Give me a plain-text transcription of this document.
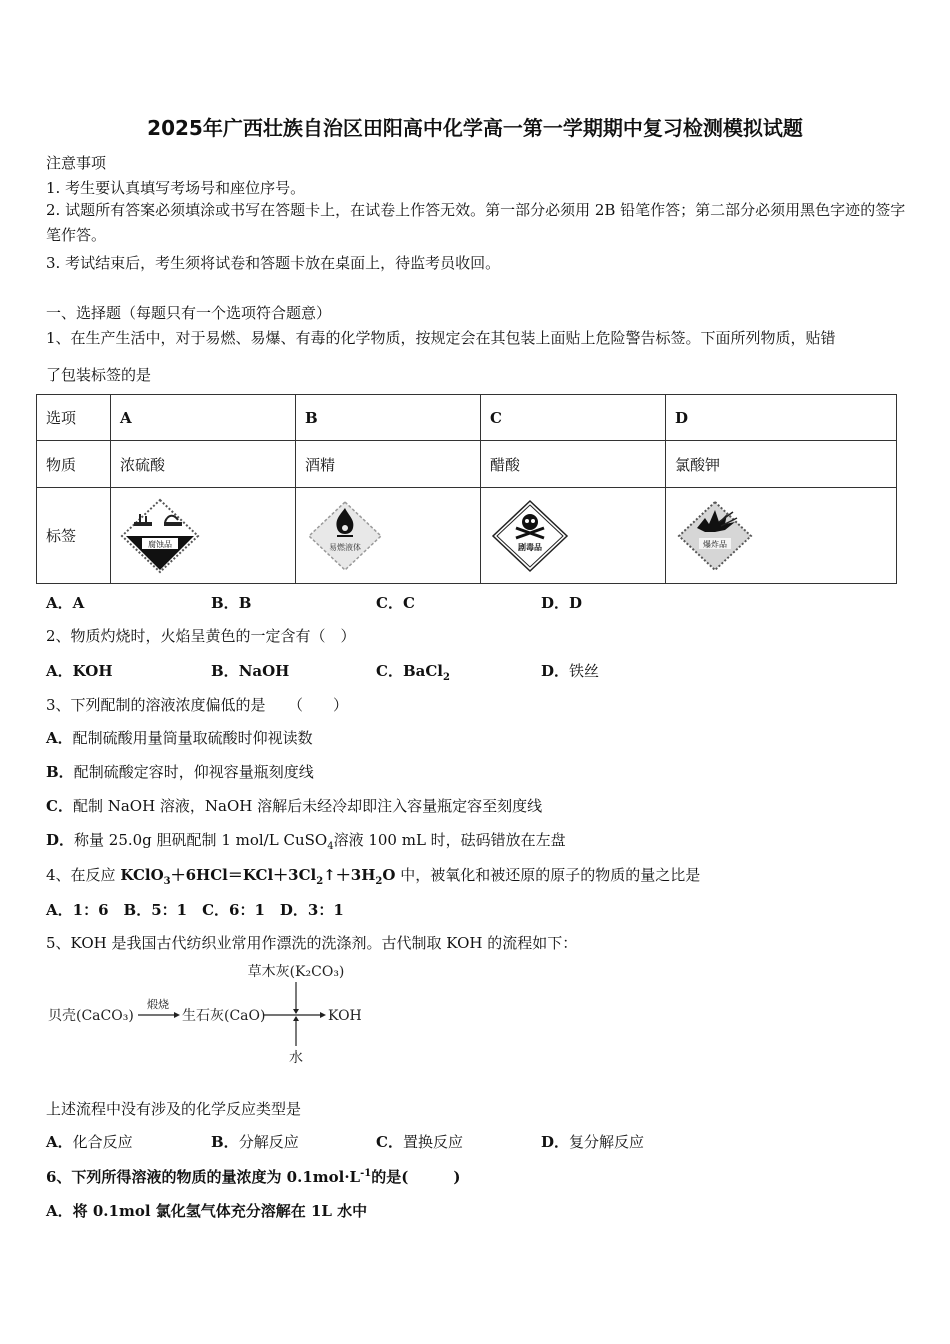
2025年广西壮族自治区田阳高中化学高一第一学期期中复习检测模拟试题
注意事项
1. 考生要认真填写考场号和座位序号。
2. 试题所有答案必须填涂或书写在答题卡上，在试卷上作答无效。第一部分必须用 2B 铅笔作答；第二部分必须用黑色字迹的签字笔作答。
3. 考试结束后，考生须将试卷和答题卡放在桌面上，待监考员收回。
一、选择题（每题只有一个选项符合题意）
1、在生产生活中，对于易燃、易爆、有毒的化学物质，按规定会在其包装上面贴上危险警告标签。下面所列物质，贴错
了包装标签的是
选项	A	B	C	D
物质	浓硫酸	酒精	醋酸	氯酸钾
标签	腐蚀品	易燃液体	剧毒品	爆炸品
A．A	B．B	C．C	D．D
2、物质灼烧时，火焰呈黄色的一定含有（　）
A．KOH	B．NaOH	C．BaCl$_2$	D．铁丝
3、下列配制的溶液浓度偏低的是　　（　　）
A．配制硫酸用量筒量取硫酸时仰视读数
B．配制硫酸定容时，仰视容量瓶刻度线
C．配制 NaOH 溶液，NaOH 溶解后未经冷却即注入容量瓶定容至刻度线
D．称量 25.0g 胆矾配制 1 mol/L CuSO$_4$溶液 100 mL 时，砝码错放在左盘
4、在反应 $KClO_3+6HCl=KCl+3Cl_2↑+3H_2O$ 中，被氧化和被还原的原子的物质的量之比是
A．1：6　B．5：1　C．6：1　D．3：1
5、KOH 是我国古代纺织业常用作漂洗的洗涤剂。古代制取 KOH 的流程如下：
贝壳(CaCO₃)
煅烧
生石灰(CaO)	KOH
草木灰(K₂CO₃)
水
上述流程中没有涉及的化学反应类型是
A．化合反应	B．分解反应	C．置换反应	D．复分解反应
6、下列所得溶液的物质的量浓度为 $0.1mol\cdot L^{-1}$的是(　　　)
A．将 0.1mol 氯化氢气体充分溶解在 1L 水中
